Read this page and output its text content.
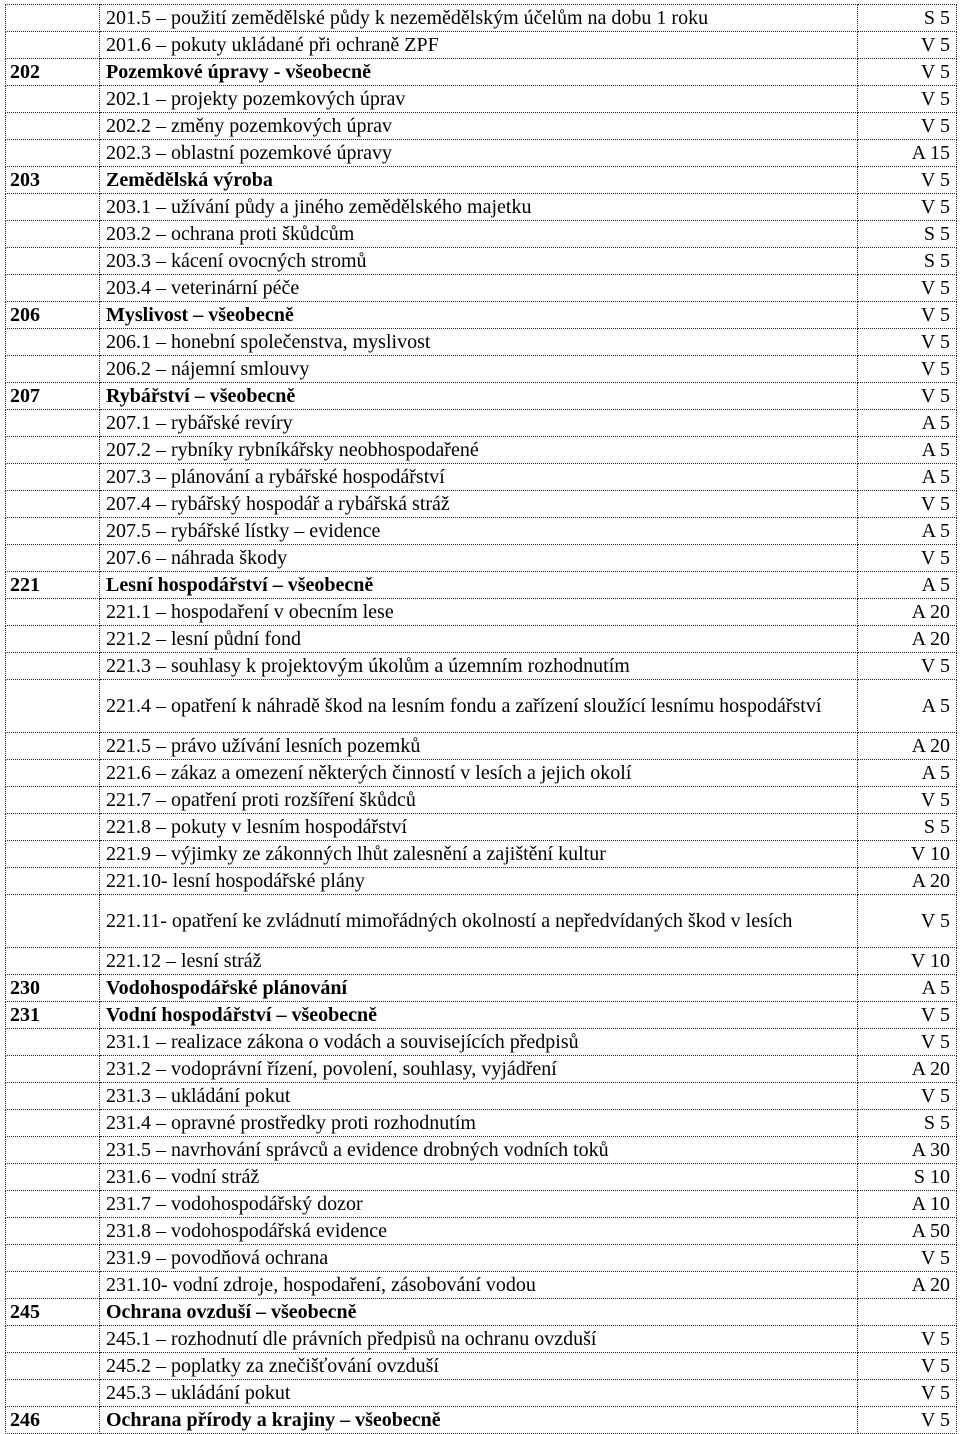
	201.5 – použití zemědělské půdy k nezemědělským účelům na dobu 1 roku	S 5
	201.6 – pokuty ukládané při ochraně ZPF	V 5
202	Pozemkové úpravy - všeobecně	V 5
	202.1 – projekty pozemkových úprav	V 5
	202.2 – změny pozemkových úprav	V 5
	202.3 – oblastní pozemkové úpravy	A 15
203	Zemědělská výroba	V 5
	203.1 – užívání půdy a jiného zemědělského majetku	V 5
	203.2 – ochrana proti škůdcům	S 5
	203.3 – kácení ovocných stromů	S 5
	203.4 – veterinární péče	V 5
206	Myslivost – všeobecně	V 5
	206.1 – honební společenstva, myslivost	V 5
	206.2 – nájemní smlouvy	V 5
207	Rybářství – všeobecně	V 5
	207.1 – rybářské revíry	A 5
	207.2 – rybníky rybníkářsky neobhospodařené	A 5
	207.3 – plánování a rybářské hospodářství	A 5
	207.4 – rybářský hospodář a rybářská stráž	V 5
	207.5 – rybářské lístky – evidence	A 5
	207.6 – náhrada škody	V 5
221	Lesní hospodářství – všeobecně	A 5
	221.1 – hospodaření v obecním lese	A 20
	221.2 – lesní půdní fond	A 20
	221.3 – souhlasy k projektovým úkolům a územním rozhodnutím	V 5
	221.4 – opatření k náhradě škod na lesním fondu a zařízení sloužící lesnímu hospodářství	A 5
	221.5 – právo užívání lesních pozemků	A 20
	221.6 – zákaz a omezení některých činností v lesích a jejich okolí	A 5
	221.7 – opatření proti rozšíření škůdců	V 5
	221.8 – pokuty v lesním hospodářství	S 5
	221.9 – výjimky ze zákonných lhůt zalesnění a zajištění kultur	V 10
	221.10- lesní hospodářské plány	A 20
	221.11- opatření ke zvládnutí mimořádných okolností a nepředvídaných škod v lesích	V 5
	221.12 – lesní stráž	V 10
230	Vodohospodářské plánování	A 5
231	Vodní hospodářství – všeobecně	V 5
	231.1 – realizace zákona o vodách a souvisejících předpisů	V 5
	231.2 – vodoprávní řízení, povolení, souhlasy, vyjádření	A 20
	231.3 – ukládání pokut	V 5
	231.4 – opravné prostředky proti rozhodnutím	S 5
	231.5 – navrhování správců a evidence drobných vodních toků	A 30
	231.6 – vodní stráž	S 10
	231.7 – vodohospodářský dozor	A 10
	231.8 – vodohospodářská evidence	A 50
	231.9 – povodňová ochrana	V 5
	231.10- vodní zdroje, hospodaření, zásobování vodou	A 20
245	Ochrana ovzduší – všeobecně	
	245.1 – rozhodnutí dle právních předpisů na ochranu ovzduší	V 5
	245.2 – poplatky za znečišťování ovzduší	V 5
	245.3 – ukládání pokut	V 5
246	Ochrana přírody a krajiny – všeobecně	V 5
